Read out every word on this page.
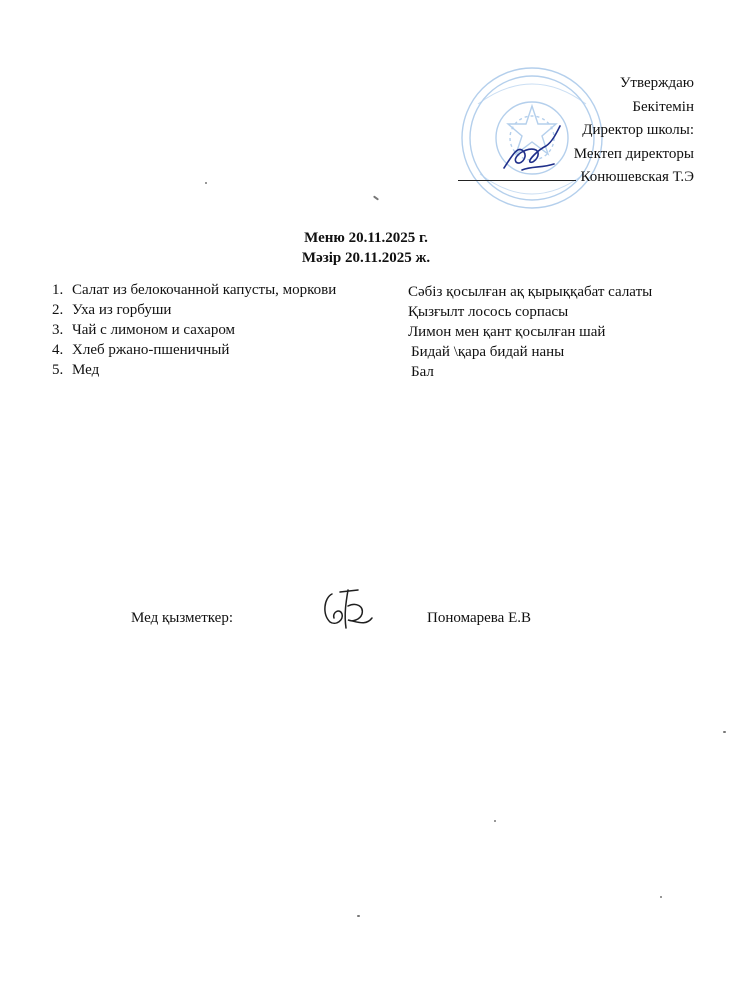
Утверждаю
Бекітемін
Директор школы:
Мектеп директоры
Конюшевская Т.Э
Меню 20.11.2025 г.
Мәзір 20.11.2025 ж.
1. Салат из белокочанной капусты, моркови
2. Уха из горбуши
3. Чай с лимоном и сахаром
4. Хлеб ржано-пшеничный
5. Мед
Сәбіз қосылған ақ қырыққабат салаты
Қызғылт лосось сорпасы
Лимон мен қант қосылған шай
Бидай \қара бидай наны
Бал
Мед қызметкер:	Пономарева Е.В
